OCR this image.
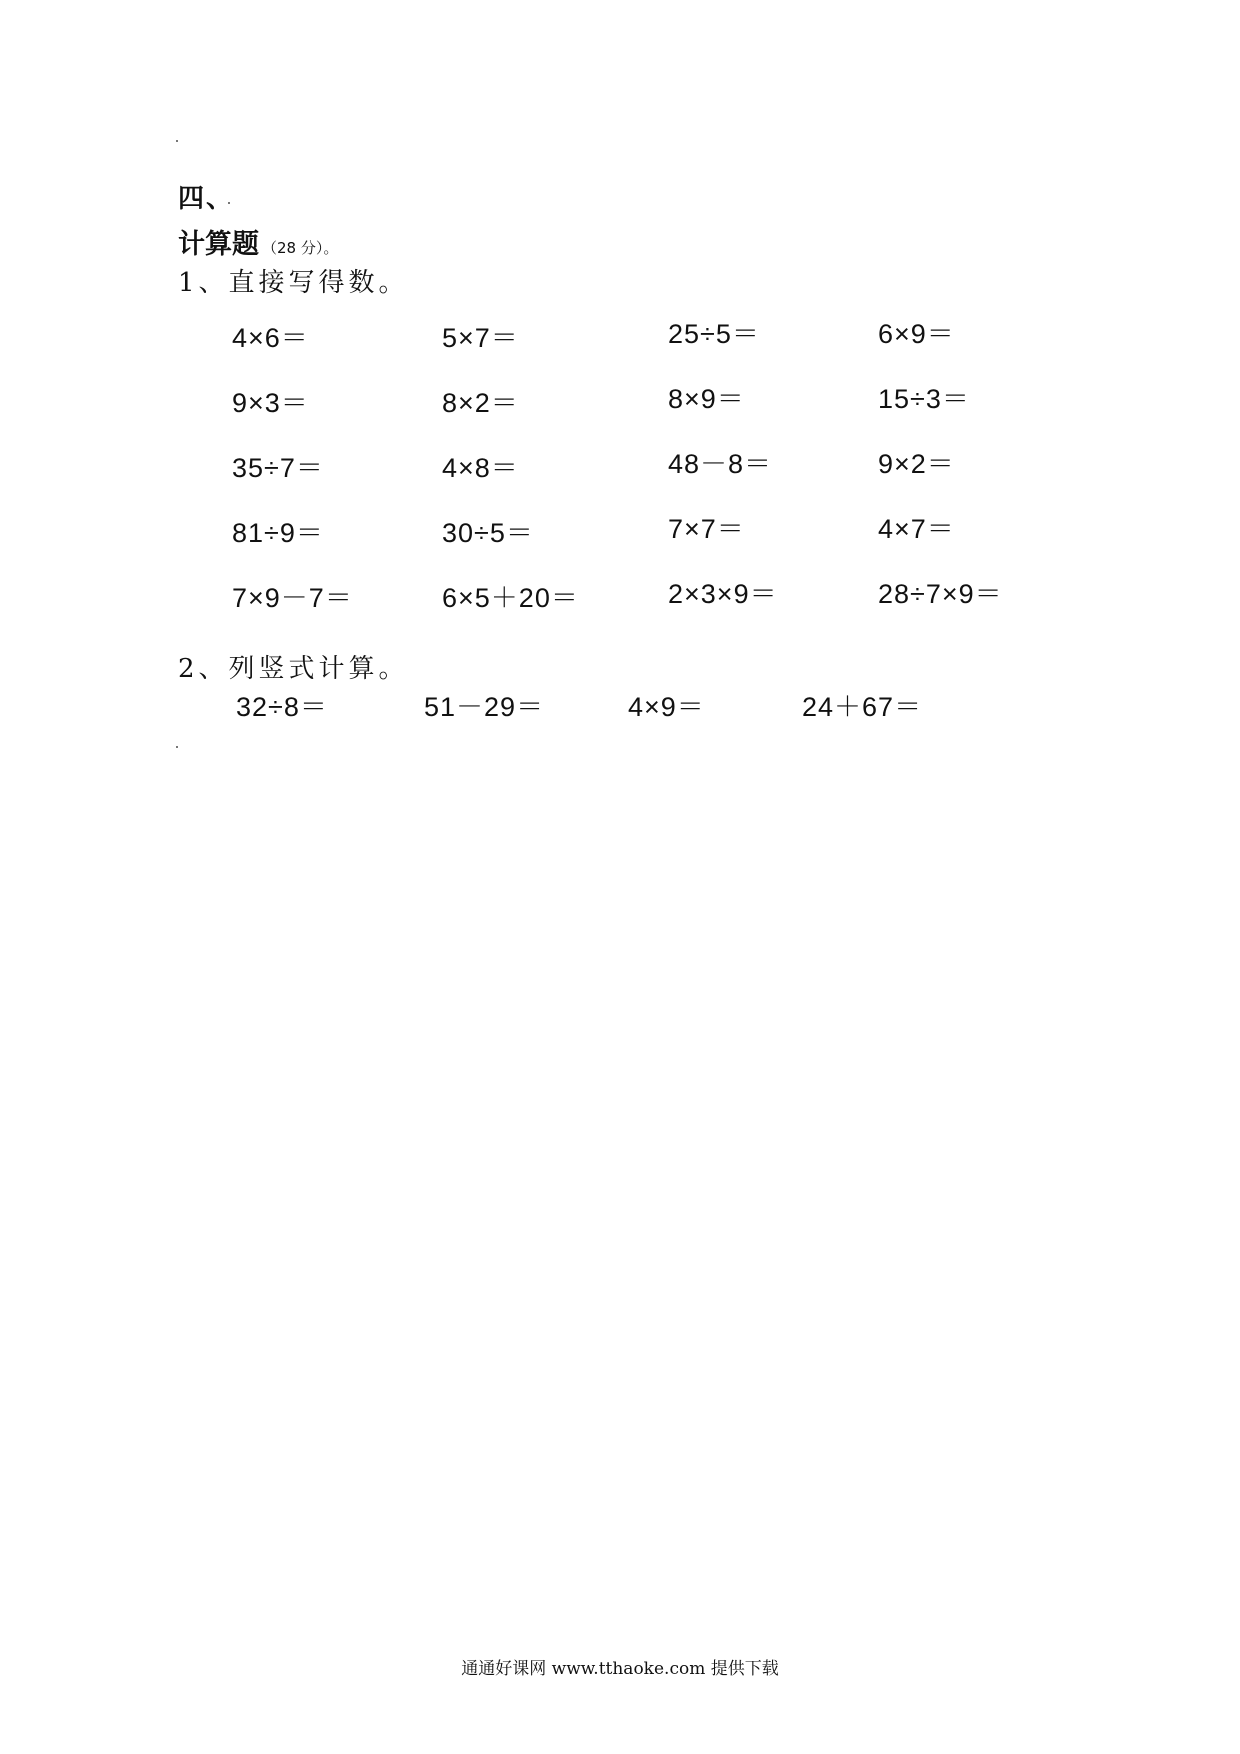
四、
计算题 （28 分）。
1、直接写得数。
4×6＝	5×7＝	25÷5＝	6×9＝
9×3＝	8×2＝	8×9＝	15÷3＝
35÷7＝	4×8＝	48－8＝	9×2＝
81÷9＝	30÷5＝	7×7＝	4×7＝
7×9－7＝	6×5＋20＝	2×3×9＝	28÷7×9＝
2、列竖式计算。
32÷8＝	51－29＝	4×9＝	24＋67＝
通通好课网 www.tthaoke.com 提供下载
